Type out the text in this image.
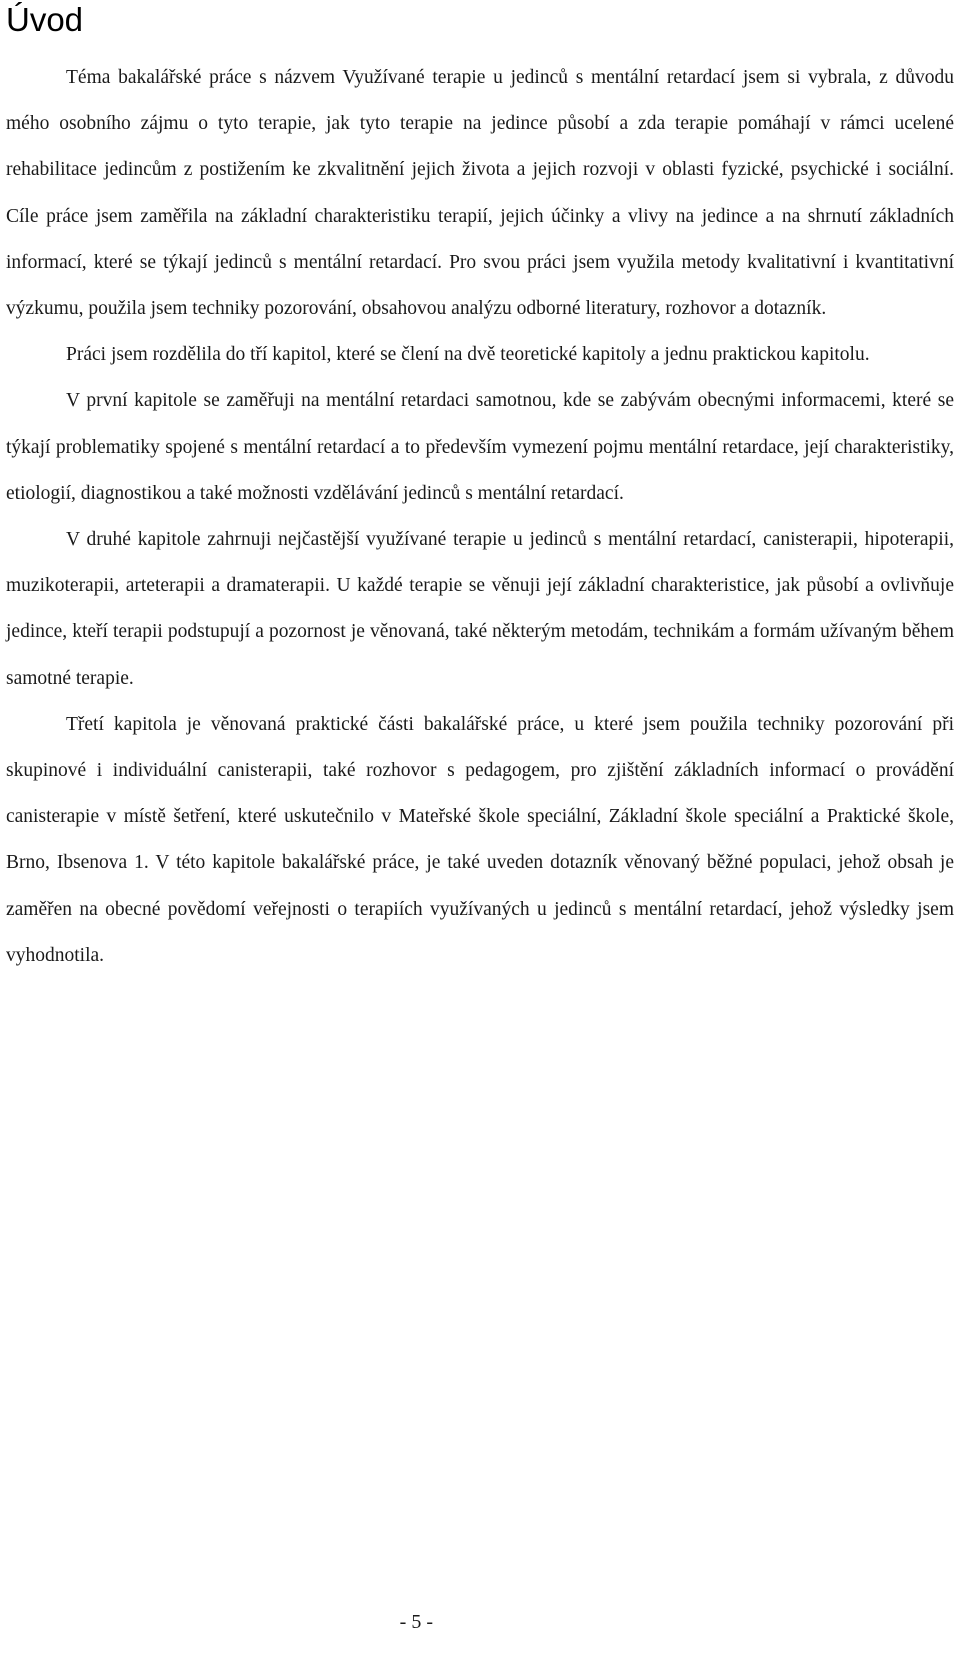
Úvod

Téma bakalářské práce s názvem Využívané terapie u jedinců s mentální retardací jsem si vybrala, z důvodu mého osobního zájmu o tyto terapie, jak tyto terapie na jedince působí a zda terapie pomáhají v rámci ucelené rehabilitace jedincům z postižením ke zkvalitnění jejich života a jejich rozvoji v oblasti fyzické, psychické i sociální. Cíle práce jsem zaměřila na základní charakteristiku terapií, jejich účinky a vlivy na jedince a na shrnutí základních informací, které se týkají jedinců s mentální retardací. Pro svou práci jsem využila metody kvalitativní i kvantitativní výzkumu, použila jsem techniky pozorování, obsahovou analýzu odborné literatury, rozhovor a dotazník.

Práci jsem rozdělila do tří kapitol, které se člení na dvě teoretické kapitoly a jednu praktickou kapitolu.

V první kapitole se zaměřuji na mentální retardaci samotnou, kde se zabývám obecnými informacemi, které se týkají problematiky spojené s mentální retardací a to především vymezení pojmu mentální retardace, její charakteristiky, etiologií, diagnostikou a také možnosti vzdělávání jedinců s mentální retardací.

V druhé kapitole zahrnuji nejčastější využívané terapie u jedinců s mentální retardací, canisterapii, hipoterapii, muzikoterapii, arteterapii a dramaterapii. U každé terapie se věnuji její základní charakteristice, jak působí a ovlivňuje jedince, kteří terapii podstupují a pozornost je věnovaná, také některým metodám, technikám a formám užívaným během samotné terapie.

Třetí kapitola je věnovaná praktické části bakalářské práce, u které jsem použila techniky pozorování při skupinové i individuální canisterapii, také rozhovor s pedagogem, pro zjištění základních informací o provádění canisterapie v místě šetření, které uskutečnilo v Mateřské škole speciální, Základní škole speciální a Praktické škole, Brno, Ibsenova 1. V této kapitole bakalářské práce, je také uveden dotazník věnovaný běžné populaci, jehož obsah je zaměřen na obecné povědomí veřejnosti o terapiích využívaných u jedinců s mentální retardací, jehož výsledky jsem vyhodnotila.

- 5 -
